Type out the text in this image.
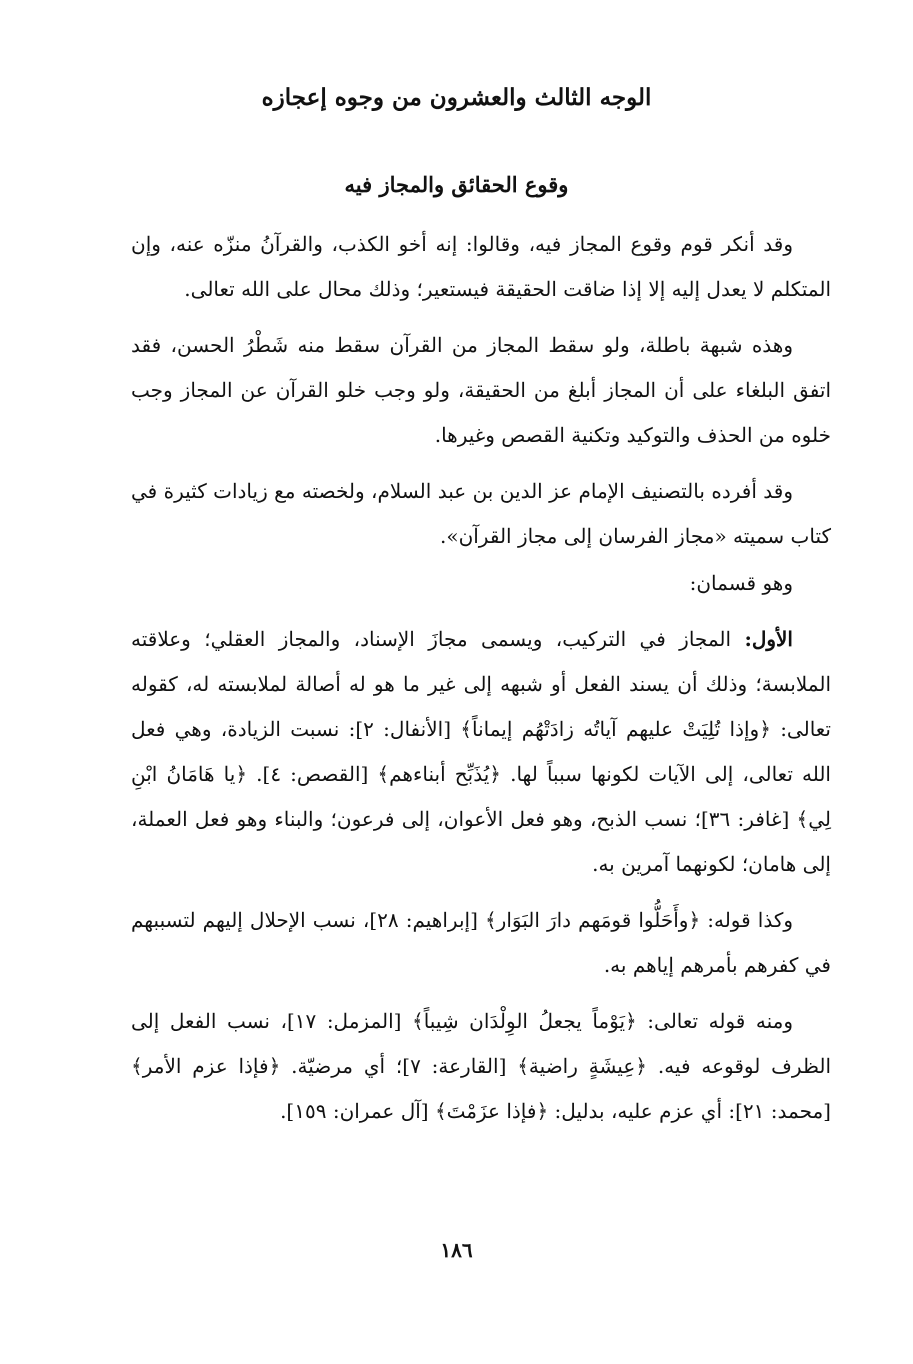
الوجه الثالث والعشرون من وجوه إعجازه
وقوع الحقائق والمجاز فيه

وقد أنكر قوم وقوع المجاز فيه، وقالوا: إنه أخو الكذب، والقرآنُ منزّه عنه، وإن المتكلم لا يعدل إليه إلا إذا ضاقت الحقيقة فيستعير؛ وذلك محال على الله تعالى.

وهذه شبهة باطلة، ولو سقط المجاز من القرآن سقط منه شَطْرُ الحسن، فقد اتفق البلغاء على أن المجاز أبلغ من الحقيقة، ولو وجب خلو القرآن عن المجاز وجب خلوه من الحذف والتوكيد وتكنية القصص وغيرها.

وقد أفرده بالتصنيف الإمام عز الدين بن عبد السلام، ولخصته مع زيادات كثيرة في كتاب سميته «مجاز الفرسان إلى مجاز القرآن».

وهو قسمان:

الأول: المجاز في التركيب، ويسمى مجازَ الإسناد، والمجاز العقلي؛ وعلاقته الملابسة؛ وذلك أن يسند الفعل أو شبهه إلى غير ما هو له أصالة لملابسته له، كقوله تعالى: ﴿وإذا تُلِيَتْ عليهم آياتُه زادَتْهُم إيماناً﴾ [الأنفال: ٢]: نسبت الزيادة، وهي فعل الله تعالى، إلى الآيات لكونها سبباً لها. ﴿يُذَبِّح أبناءهم﴾ [القصص: ٤]. ﴿يا هَامَانُ ابْنِ لِي﴾ [غافر: ٣٦]؛ نسب الذبح، وهو فعل الأعوان، إلى فرعون؛ والبناء وهو فعل العملة، إلى هامان؛ لكونهما آمرين به.

وكذا قوله: ﴿وأَحَلُّوا قومَهم دارَ البَوَار﴾ [إبراهيم: ٢٨]، نسب الإحلال إليهم لتسببهم في كفرهم بأمرهم إياهم به.

ومنه قوله تعالى: ﴿يَوْماً يجعلُ الوِلْدَان شِيباً﴾ [المزمل: ١٧]، نسب الفعل إلى الظرف لوقوعه فيه. ﴿عِيشَةٍ راضية﴾ [القارعة: ٧]؛ أي مرضيّة. ﴿فإذا عزم الأمر﴾ [محمد: ٢١]: أي عزم عليه، بدليل: ﴿فإذا عزَمْتَ﴾ [آل عمران: ١٥٩].

١٨٦
